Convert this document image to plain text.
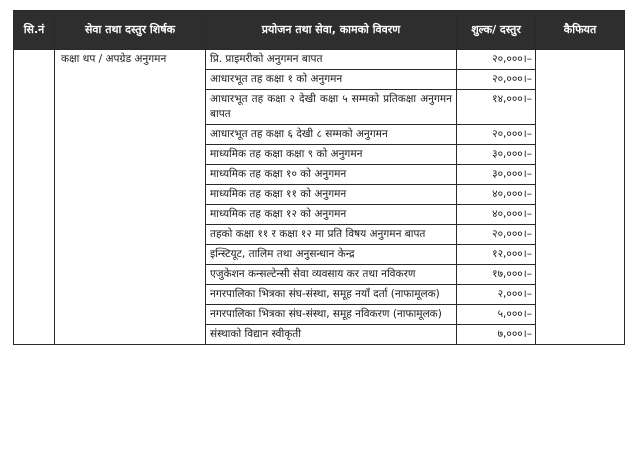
सि.नं	सेवा तथा दस्तुर शिर्षक	प्रयोजन तथा सेवा, कामको विवरण	शुल्क/ दस्तुर	कैफियत
	कक्षा थप / अपग्रेड अनुगमन	प्रि. प्राइमरीको अनुगमन बापत	२०,०००।–	
		आधारभूत तह कक्षा १ को अनुगमन	२०,०००।–	
		आधारभूत तह कक्षा २ देखी कक्षा ५ सम्मको प्रतिकक्षा अनुगमन बापत	१४,०००।–	
		आधारभूत तह कक्षा ६ देखी ८ सम्मको अनुगमन	२०,०००।–	
		माध्यमिक तह कक्षा कक्षा ९ को अनुगमन	३०,०००।–	
		माध्यमिक तह कक्षा १० को अनुगमन	३०,०००।–	
		माध्यमिक तह कक्षा ११ को अनुगमन	४०,०००।–	
		माध्यमिक तह कक्षा १२ को अनुगमन	४०,०००।–	
		तहको कक्षा ११ र कक्षा १२ मा प्रति विषय अनुगमन बापत	२०,०००।–	
		इन्स्टियूट, तालिम तथा अनुसन्धान केन्द्र	१२,०००।–	
		एजुकेशन कन्सल्टेन्सी सेवा व्यवसाय कर तथा नविकरण	१७,०००।–	
		नगरपालिका भित्रका संघ-संस्था, समूह नयाँ दर्ता (नाफामूलक)	२,०००।–	
		नगरपालिका भित्रका संघ-संस्था, समूह नविकरण (नाफामूलक)	५,०००।–	
		संस्थाको विद्यान स्वीकृती	७,०००।–	
